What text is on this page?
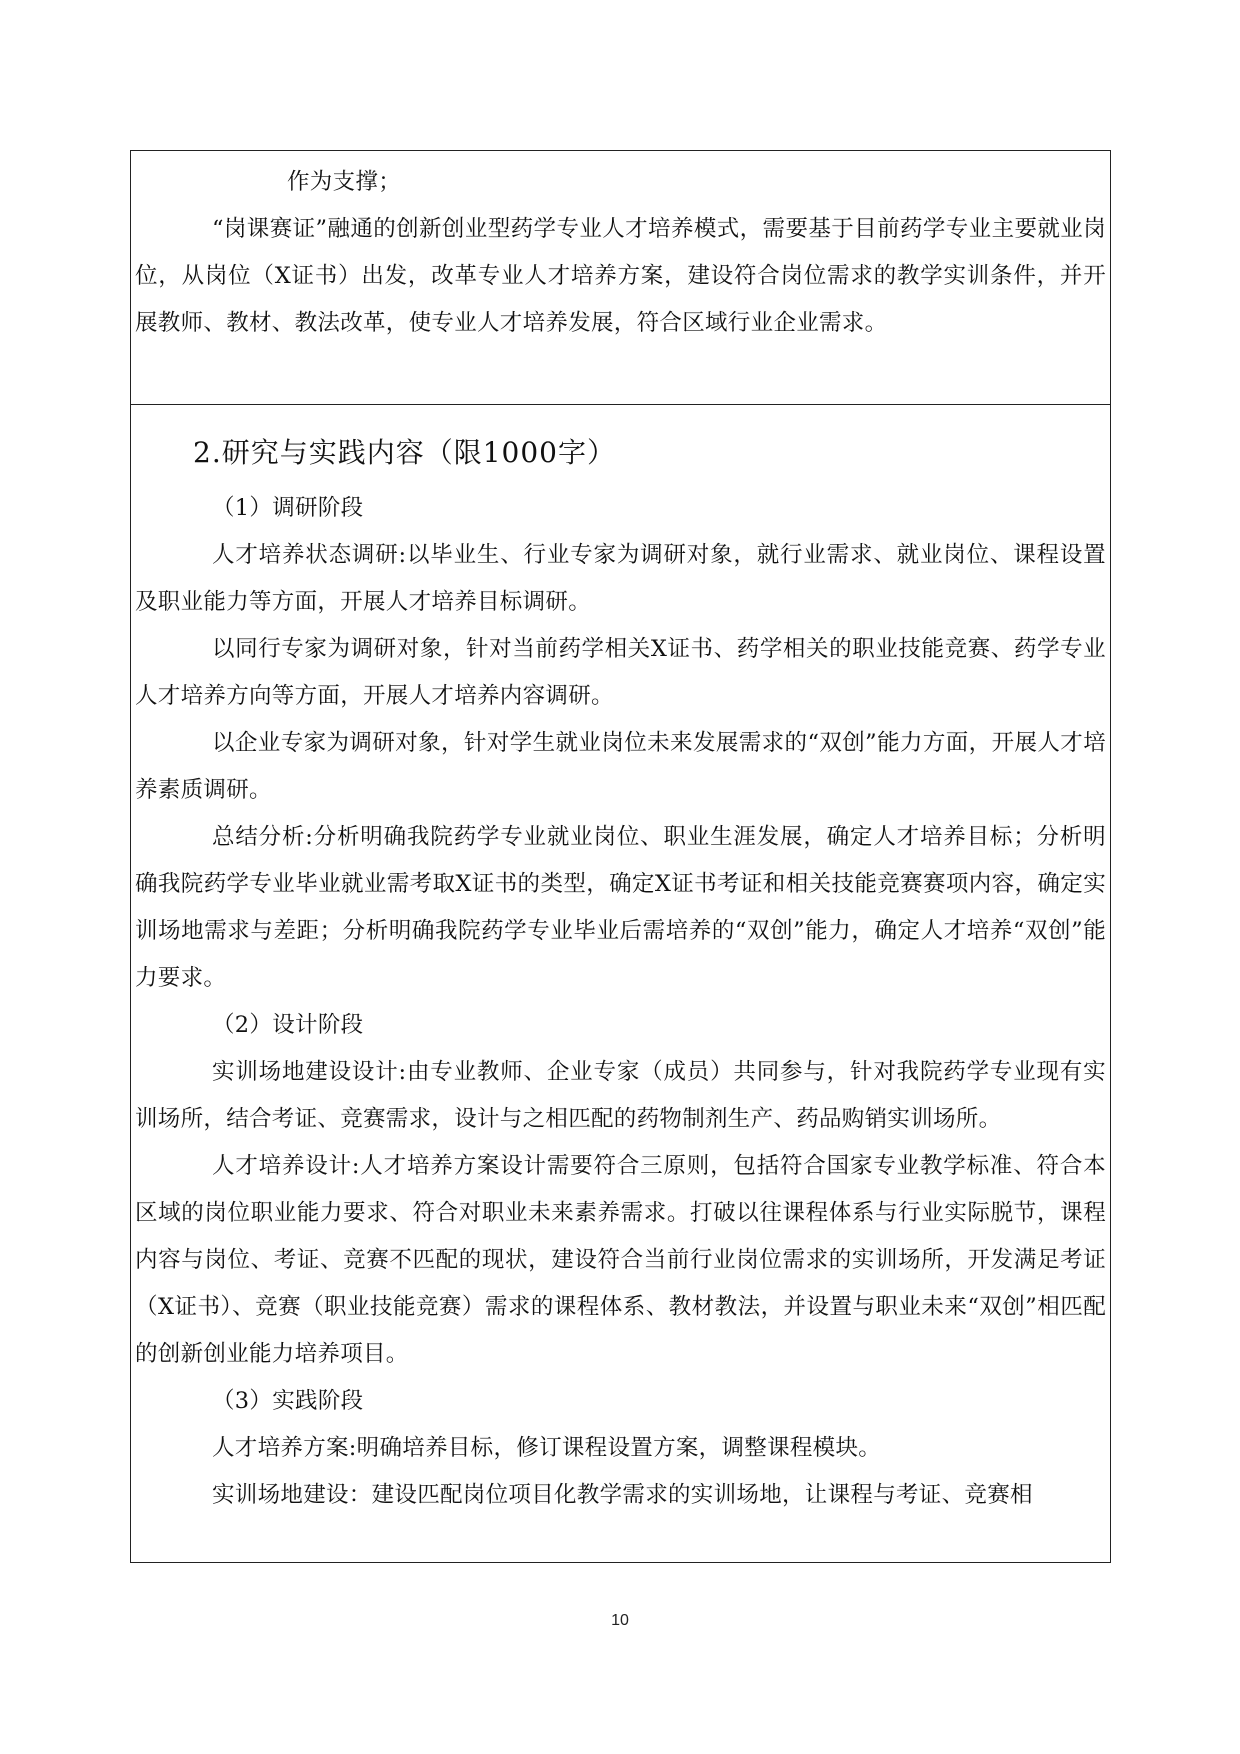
作为支撑；

“岗课赛证”融通的创新创业型药学专业人才培养模式，需要基于目前药学专业主要就业岗位，从岗位（X证书）出发，改革专业人才培养方案，建设符合岗位需求的教学实训条件，并开展教师、教材、教法改革，使专业人才培养发展，符合区域行业企业需求。

2.研究与实践内容（限1000字）

（1）调研阶段

人才培养状态调研:以毕业生、行业专家为调研对象，就行业需求、就业岗位、课程设置及职业能力等方面，开展人才培养目标调研。

以同行专家为调研对象，针对当前药学相关X证书、药学相关的职业技能竞赛、药学专业人才培养方向等方面，开展人才培养内容调研。

以企业专家为调研对象，针对学生就业岗位未来发展需求的“双创”能力方面，开展人才培养素质调研。

总结分析:分析明确我院药学专业就业岗位、职业生涯发展，确定人才培养目标；分析明确我院药学专业毕业就业需考取X证书的类型，确定X证书考证和相关技能竞赛赛项内容，确定实训场地需求与差距；分析明确我院药学专业毕业后需培养的“双创”能力，确定人才培养“双创”能力要求。

（2）设计阶段

实训场地建设设计:由专业教师、企业专家（成员）共同参与，针对我院药学专业现有实训场所，结合考证、竞赛需求，设计与之相匹配的药物制剂生产、药品购销实训场所。

人才培养设计:人才培养方案设计需要符合三原则，包括符合国家专业教学标准、符合本区域的岗位职业能力要求、符合对职业未来素养需求。打破以往课程体系与行业实际脱节，课程内容与岗位、考证、竞赛不匹配的现状，建设符合当前行业岗位需求的实训场所，开发满足考证（X证书）、竞赛（职业技能竞赛）需求的课程体系、教材教法，并设置与职业未来“双创”相匹配的创新创业能力培养项目。

（3）实践阶段

人才培养方案:明确培养目标，修订课程设置方案，调整课程模块。

实训场地建设：建设匹配岗位项目化教学需求的实训场地，让课程与考证、竞赛相

10
